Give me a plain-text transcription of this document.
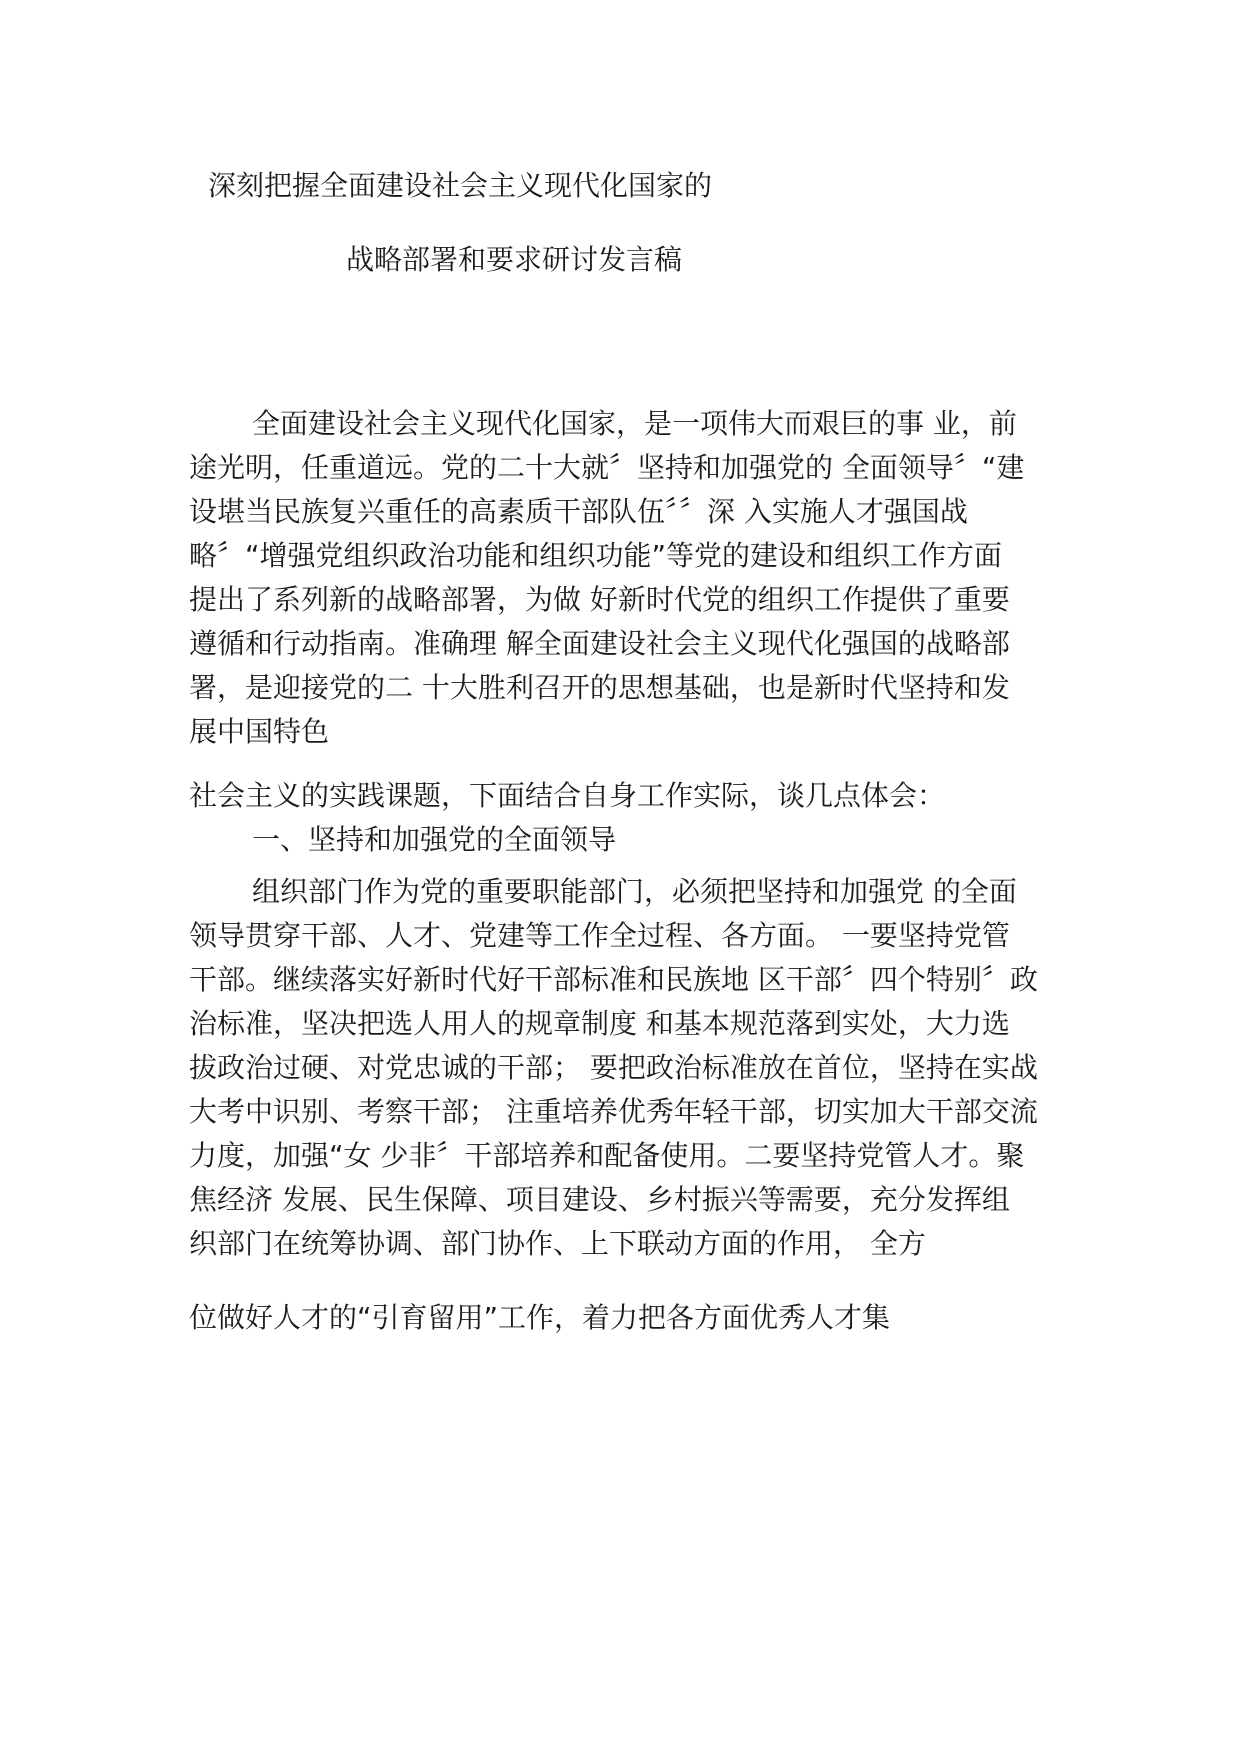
深刻把握全面建设社会主义现代化国家的
战略部署和要求研讨发言稿
全面建设社会主义现代化国家，是一项伟大而艰巨的事 业，前
途光明，任重道远。党的二十大就〞坚持和加强党的 全面领导〞“建
设堪当民族复兴重任的高素质干部队伍〞〞深 入实施人才强国战
略〞“增强党组织政治功能和组织功能”等党的建设和组织工作方面
提出了系列新的战略部署，为做 好新时代党的组织工作提供了重要
遵循和行动指南。准确理 解全面建设社会主义现代化强国的战略部
署，是迎接党的二 十大胜利召开的思想基础，也是新时代坚持和发
展中国特色
社会主义的实践课题，下面结合自身工作实际，谈几点体会：
一、坚持和加强党的全面领导
组织部门作为党的重要职能部门，必须把坚持和加强党 的全面
领导贯穿干部、人才、党建等工作全过程、各方面。 一要坚持党管
干部。继续落实好新时代好干部标准和民族地 区干部〞四个特别〞政
治标准，坚决把选人用人的规章制度 和基本规范落到实处，大力选
拔政治过硬、对党忠诚的干部； 要把政治标准放在首位，坚持在实战
大考中识别、考察干部； 注重培养优秀年轻干部，切实加大干部交流
力度，加强“女 少非〞干部培养和配备使用。二要坚持党管人才。聚
焦经济 发展、民生保障、项目建设、乡村振兴等需要，充分发挥组
织部门在统筹协调、部门协作、上下联动方面的作用， 全方
位做好人才的“引育留用”工作，着力把各方面优秀人才集
